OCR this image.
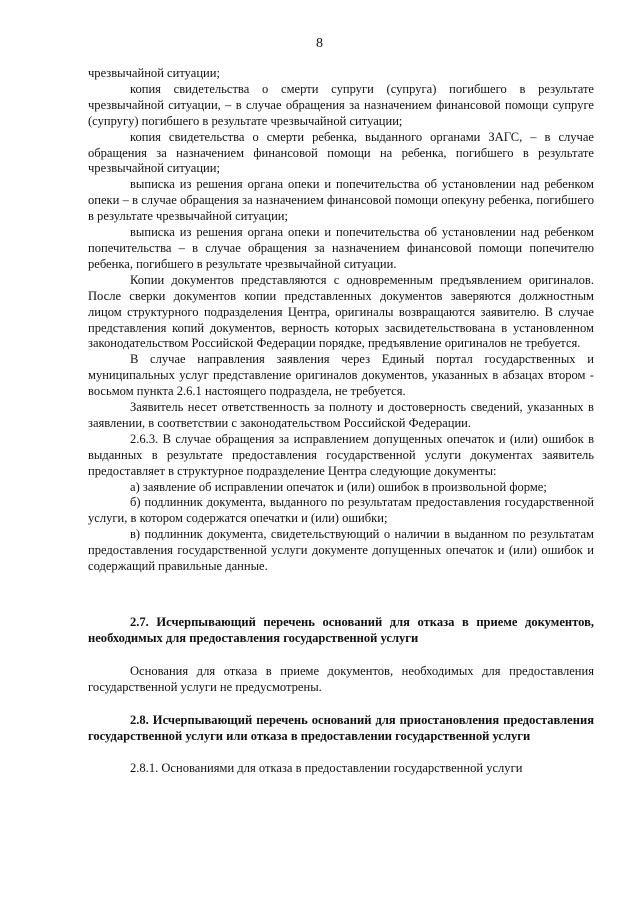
8

чрезвычайной ситуации;

копия свидетельства о смерти супруги (супруга) погибшего в результате чрезвычайной ситуации, – в случае обращения за назначением финансовой помощи супруге (супругу) погибшего в результате чрезвычайной ситуации;

копия свидетельства о смерти ребенка, выданного органами ЗАГС, – в случае обращения за назначением финансовой помощи на ребенка, погибшего в результате чрезвычайной ситуации;

выписка из решения органа опеки и попечительства об установлении над ребенком опеки – в случае обращения за назначением финансовой помощи опекуну ребенка, погибшего в результате чрезвычайной ситуации;

выписка из решения органа опеки и попечительства об установлении над ребенком попечительства – в случае обращения за назначением финансовой помощи попечителю ребенка, погибшего в результате чрезвычайной ситуации.

Копии документов представляются с одновременным предъявлением оригиналов. После сверки документов копии представленных документов заверяются должностным лицом структурного подразделения Центра, оригиналы возвращаются заявителю. В случае представления копий документов, верность которых засвидетельствована в установленном законодательством Российской Федерации порядке, предъявление оригиналов не требуется.

В случае направления заявления через Единый портал государственных и муниципальных услуг представление оригиналов документов, указанных в абзацах втором - восьмом пункта 2.6.1 настоящего подраздела, не требуется.

Заявитель несет ответственность за полноту и достоверность сведений, указанных в заявлении, в соответствии с законодательством Российской Федерации.

2.6.3. В случае обращения за исправлением допущенных опечаток и (или) ошибок в выданных в результате предоставления государственной услуги документах заявитель предоставляет в структурное подразделение Центра следующие документы:

а) заявление об исправлении опечаток и (или) ошибок в произвольной форме;

б) подлинник документа, выданного по результатам предоставления государственной услуги, в котором содержатся опечатки и (или) ошибки;

в) подлинник документа, свидетельствующий о наличии в выданном по результатам предоставления государственной услуги документе допущенных опечаток и (или) ошибок и содержащий правильные данные.

2.7. Исчерпывающий перечень оснований для отказа в приеме документов, необходимых для предоставления государственной услуги

Основания для отказа в приеме документов, необходимых для предоставления государственной услуги не предусмотрены.

2.8. Исчерпывающий перечень оснований для приостановления предоставления государственной услуги или отказа в предоставлении государственной услуги

2.8.1. Основаниями для отказа в предоставлении государственной услуги
